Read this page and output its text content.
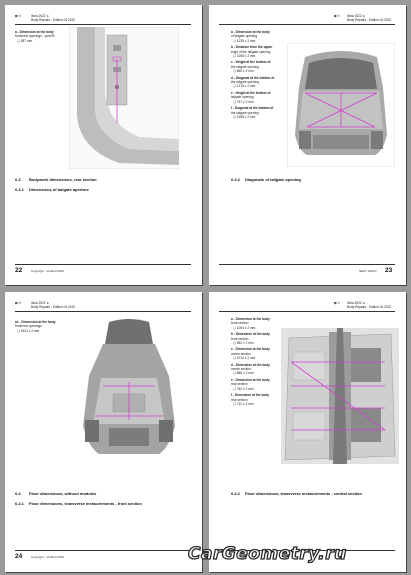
⊠ ♡	Ibiza 2022 ➤
Body Repairs - Edition 04.2022
a - Dimension at the body
front/rear openings - point B
❑ 387 mm
6.3 Bodywork dimensions, rear section
6.3.1 Dimensions of tailgate aperture
22	Copyright - Verified 2022
⊠ ♡ Ibiza 2022 ➤
Body Repairs - Edition 04.2022
a - Dimension at the body
of tailgate opening
❑ 1235 ± 2 mm
b - Distance from the upper
edge of the tailgate opening
❑ 1055 ± 2 mm
c - Height at the bottom of
the tailgate opening
❑ 865 ± 2 mm
d - Diagonal at the bottom of
the tailgate opening
❑ 1215 ± 2 mm
e - Height at the bottom of
tailgate opening
❑ 737 ± 2 mm
f - Diagonal at the bottom of
the tailgate opening
❑ 1398 ± 2 mm
6.3.2 Diagonals of tailgate opening
SEAT·SPAIN 23
⊠ ♡	Ibiza 2022 ➤
Body Repairs - Edition 04.2022
a1 - Dimension at the body
front/rear openings
❑ 1521 ± 2 mm
6.4 Floor dimensions, without modules
6.4.1 Floor dimensions, transverse measurements - front section
24	Copyright - Verified 2022
⊠ ♡ Ibiza 2022 ➤
Body Repairs - Edition 04.2022
a - Dimension at the body
front section
❑ 1054 ± 2 mm
b - Dimension at the body
front section
❑ 962 ± 2 mm
c - Dimension at the body
centre section
❑ 1010 ± 2 mm
d - Dimension at the body
centre section
❑ 868 ± 2 mm
e - Dimension at the body
rear section
❑ 762 ± 2 mm
f - Dimension at the body
rear section
❑ 712 ± 2 mm
6.4.2 Floor dimensions, transverse measurements - central section
CarGeometry.ru
